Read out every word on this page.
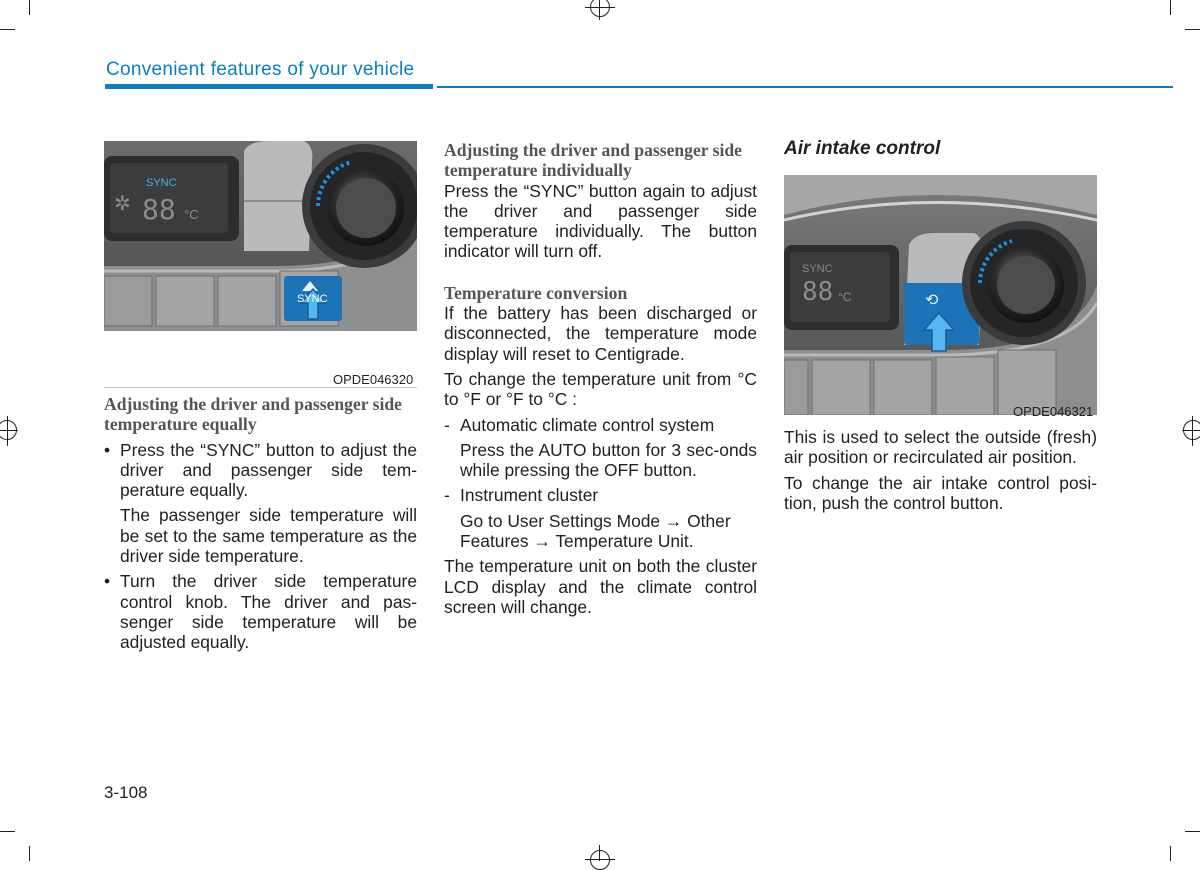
Convenient features of your vehicle
SYNC
88 °C
✲
SYNC
OPDE046320
SYNC
88 °C	⟲
OPDE046321

Adjusting the driver and passenger side temperature equally

• Press the “SYNC” button to adjust the driver and passenger side tem-perature equally.

The passenger side temperature will be set to the same temperature as the driver side temperature.

• Turn the driver side temperature control knob. The driver and pas-senger side temperature will be adjusted equally.

Adjusting the driver and passenger side temperature individually

Press the “SYNC” button again to adjust the driver and passenger side temperature individually. The button indicator will turn off.

Temperature conversion

If the battery has been discharged or disconnected, the temperature mode display will reset to Centigrade.

To change the temperature unit from °C to °F or °F to °C :

- Automatic climate control system

Press the AUTO button for 3 sec-onds while pressing the OFF button.

- Instrument cluster

Go to User Settings Mode → Other Features → Temperature Unit.

The temperature unit on both the cluster LCD display and the climate control screen will change.

Air intake control

This is used to select the outside (fresh) air position or recirculated air position.

To change the air intake control posi-tion, push the control button.

3-108
